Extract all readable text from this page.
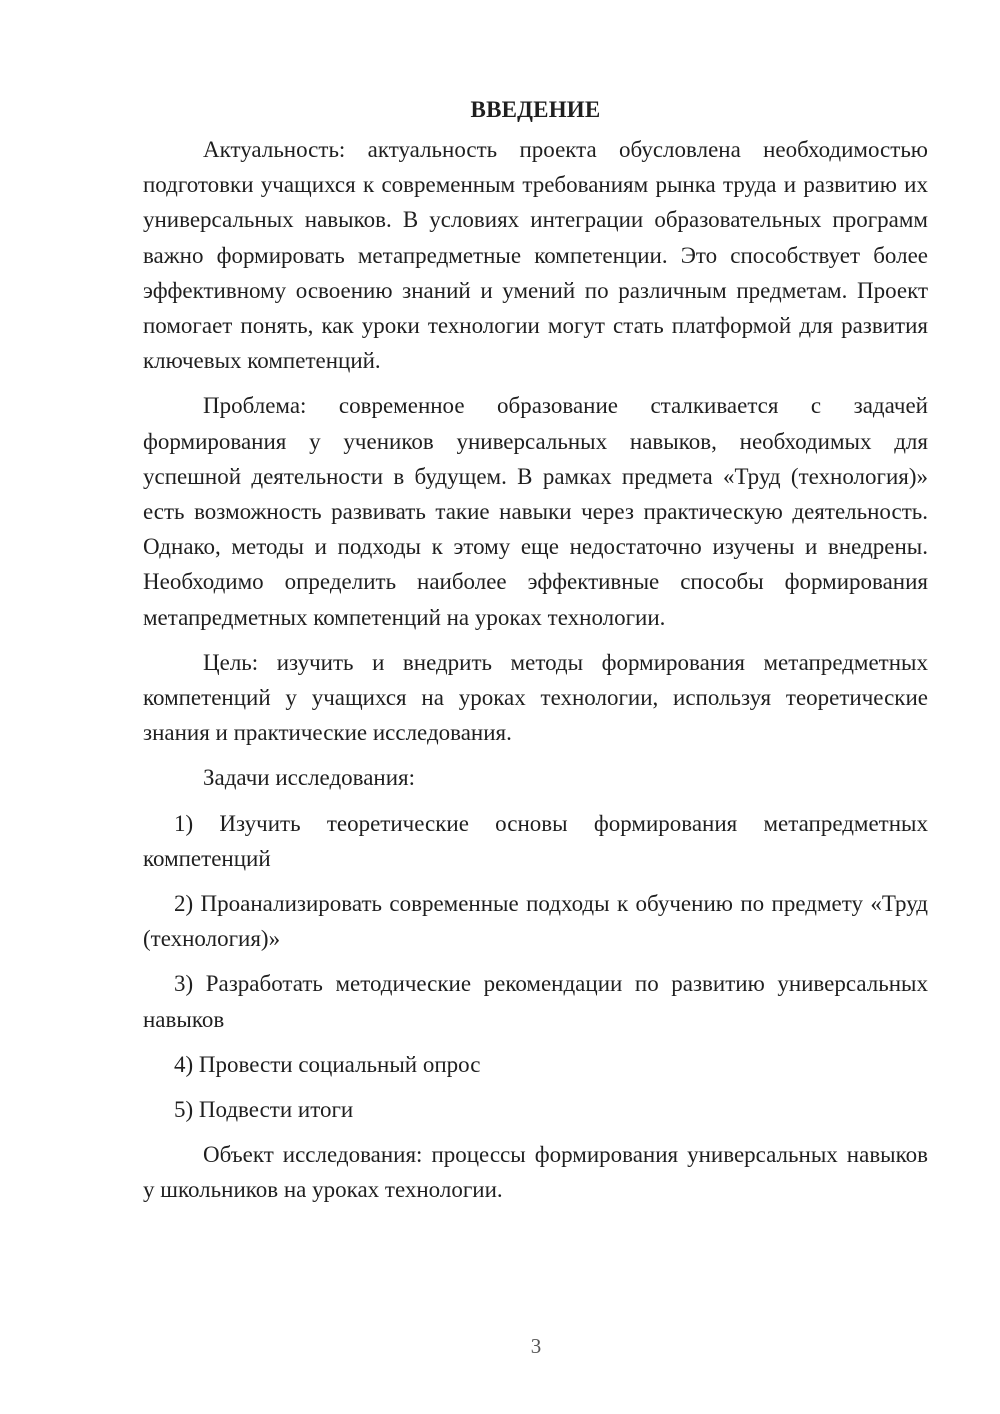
ВВЕДЕНИЕ

Актуальность: актуальность проекта обусловлена необходимостью подготовки учащихся к современным требованиям рынка труда и развитию их универсальных навыков. В условиях интеграции образовательных программ важно формировать метапредметные компетенции. Это способствует более эффективному освоению знаний и умений по различным предметам. Проект помогает понять, как уроки технологии могут стать платформой для развития ключевых компетенций.

Проблема: современное образование сталкивается с задачей формирования у учеников универсальных навыков, необходимых для успешной деятельности в будущем. В рамках предмета «Труд (технология)» есть возможность развивать такие навыки через практическую деятельность. Однако, методы и подходы к этому еще недостаточно изучены и внедрены. Необходимо определить наиболее эффективные способы формирования метапредметных компетенций на уроках технологии.

Цель: изучить и внедрить методы формирования метапредметных компетенций у учащихся на уроках технологии, используя теоретические знания и практические исследования.

Задачи исследования:

1) Изучить теоретические основы формирования метапредметных компетенций

2) Проанализировать современные подходы к обучению по предмету «Труд (технология)»

3) Разработать методические рекомендации по развитию универсальных навыков

4) Провести социальный опрос

5) Подвести итоги

Объект исследования: процессы формирования универсальных навыков у школьников на уроках технологии.

3
